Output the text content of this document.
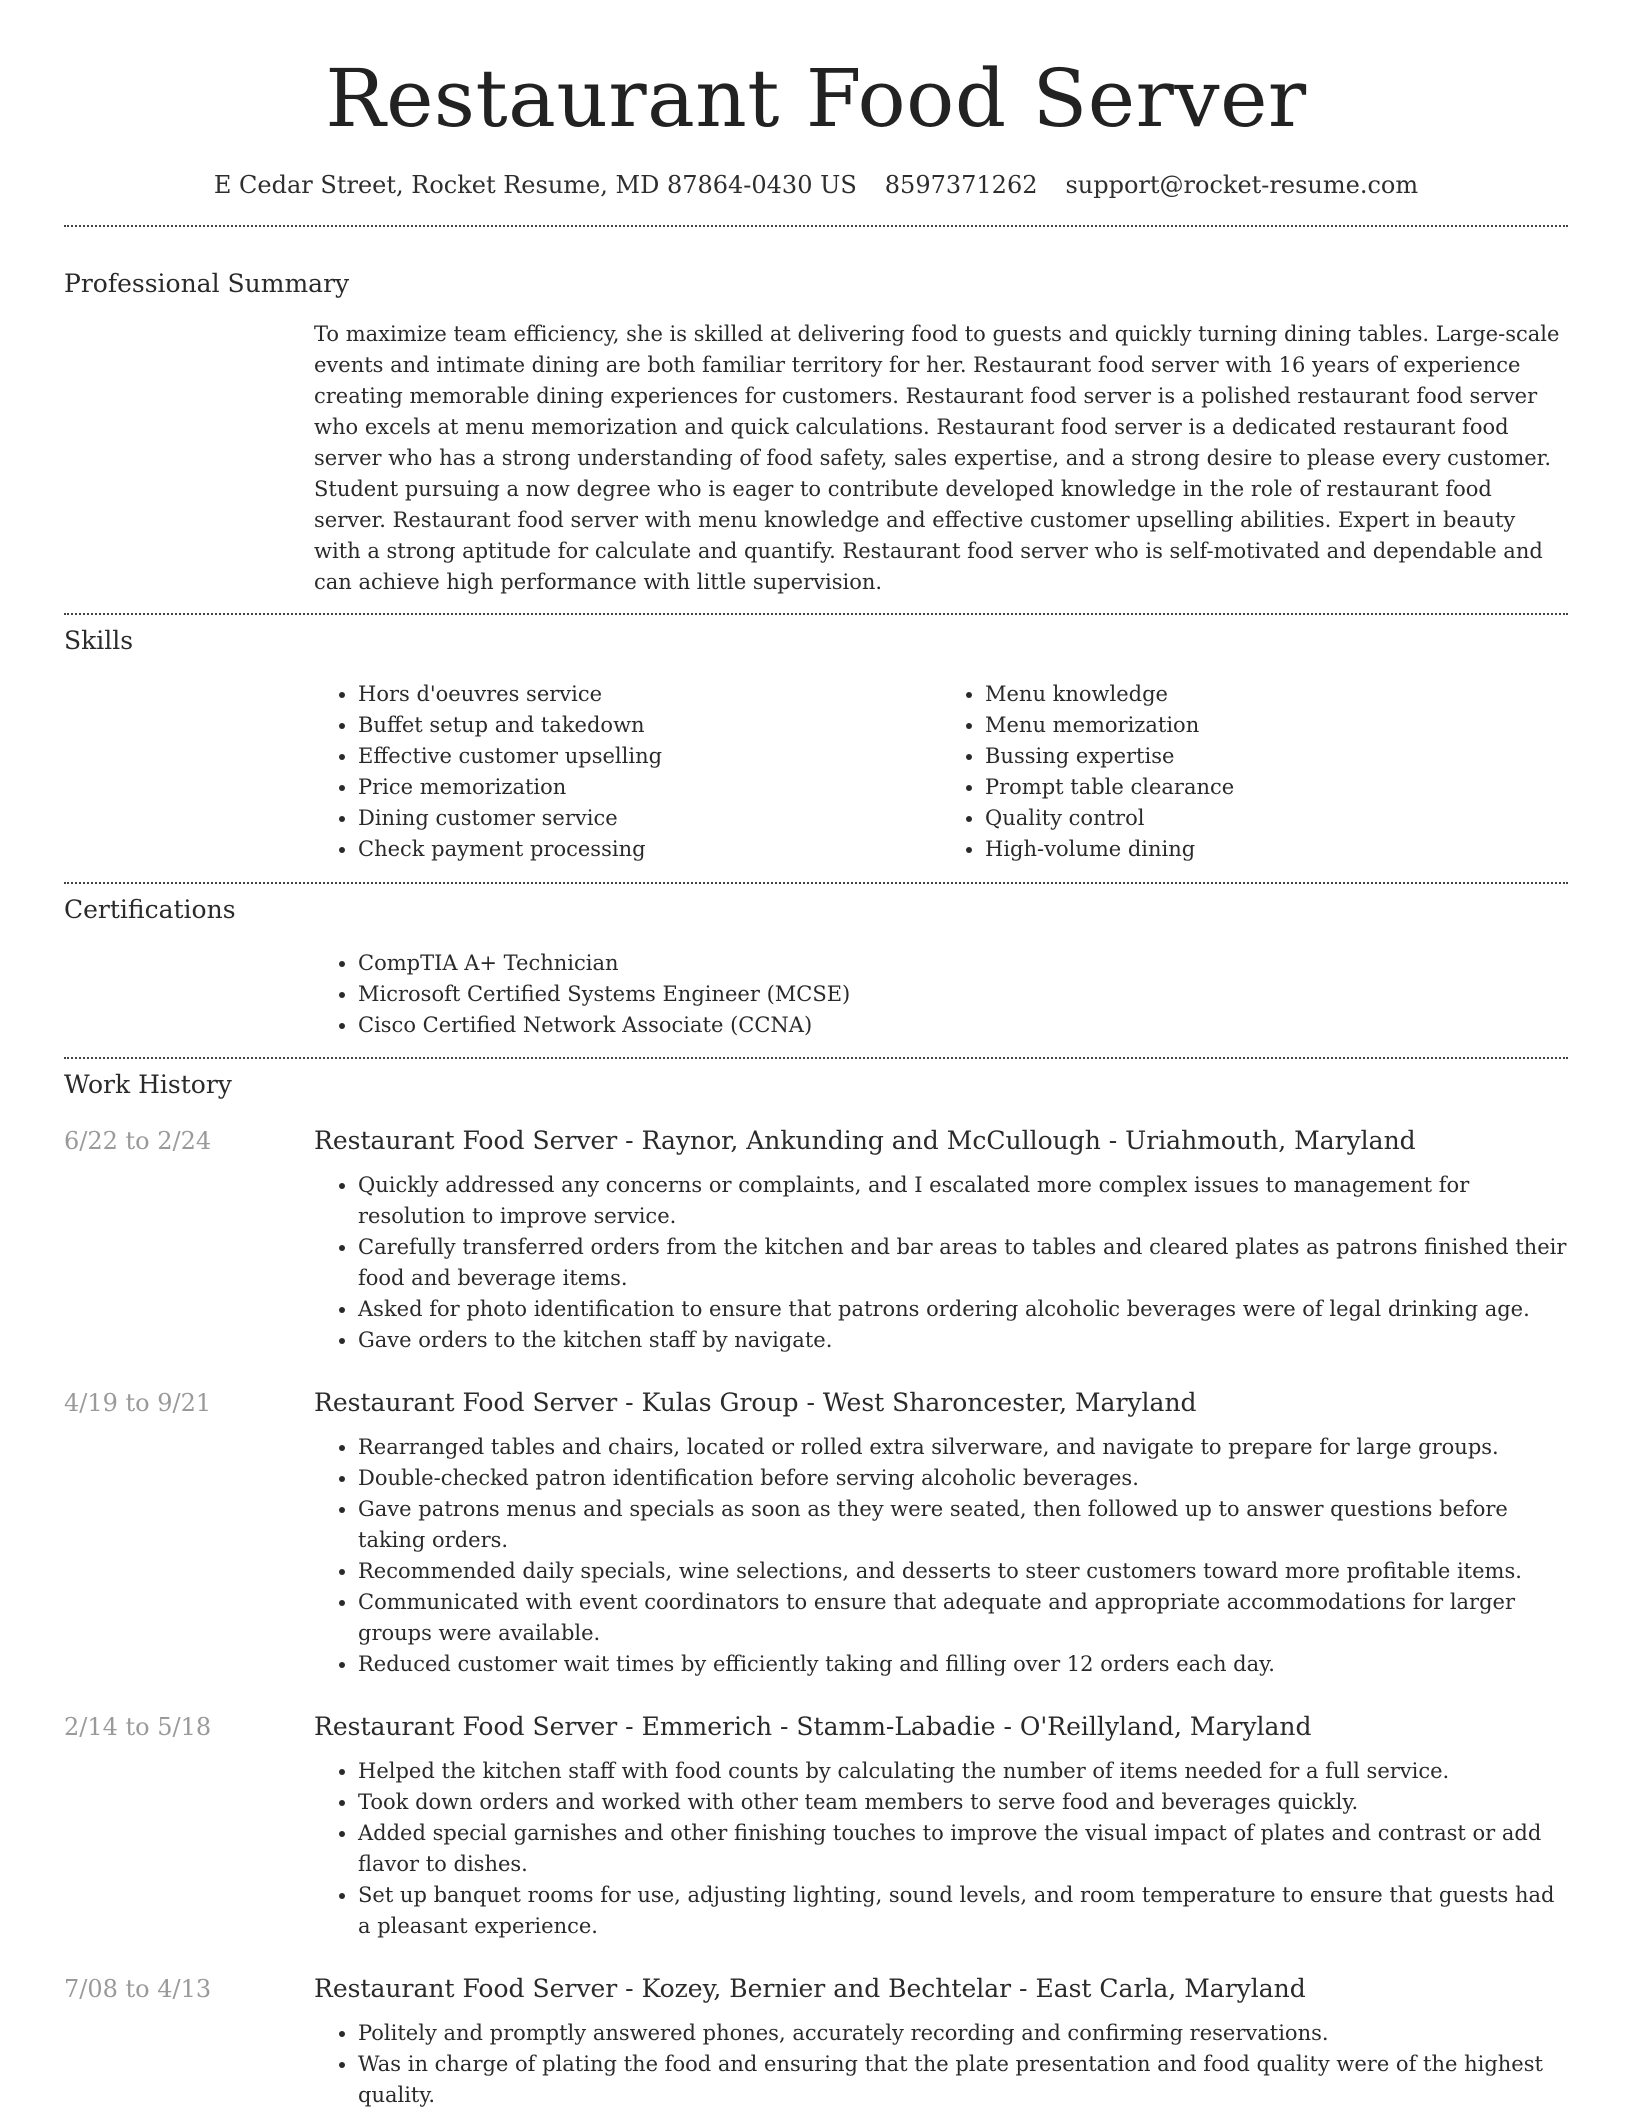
Restaurant Food Server
E Cedar Street, Rocket Resume, MD 87864-0430 US 8597371262 support@rocket-resume.com
Professional Summary

To maximize team efficiency, she is skilled at delivering food to guests and quickly turning dining tables. Large-scale events and intimate dining are both familiar territory for her. Restaurant food server with 16 years of experience creating memorable dining experiences for customers. Restaurant food server is a polished restaurant food server who excels at menu memorization and quick calculations. Restaurant food server is a dedicated restaurant food server who has a strong understanding of food safety, sales expertise, and a strong desire to please every customer. Student pursuing a now degree who is eager to contribute developed knowledge in the role of restaurant food server. Restaurant food server with menu knowledge and effective customer upselling abilities. Expert in beauty with a strong aptitude for calculate and quantify. Restaurant food server who is self-motivated and dependable and can achieve high performance with little supervision.

Skills
• Hors d'oeuvres service
• Buffet setup and takedown
• Effective customer upselling
• Price memorization
• Dining customer service
• Check payment processing
• Menu knowledge
• Menu memorization
• Bussing expertise
• Prompt table clearance
• Quality control
• High-volume dining
Certifications
• CompTIA A+ Technician
• Microsoft Certified Systems Engineer (MCSE)
• Cisco Certified Network Associate (CCNA)
Work History
6/22 to 2/24	Restaurant Food Server - Raynor, Ankunding and McCullough - Uriahmouth, Maryland
• Quickly addressed any concerns or complaints, and I escalated more complex issues to management for resolution to improve service.
• Carefully transferred orders from the kitchen and bar areas to tables and cleared plates as patrons finished their food and beverage items.
• Asked for photo identification to ensure that patrons ordering alcoholic beverages were of legal drinking age.
• Gave orders to the kitchen staff by navigate.
4/19 to 9/21	Restaurant Food Server - Kulas Group - West Sharoncester, Maryland
• Rearranged tables and chairs, located or rolled extra silverware, and navigate to prepare for large groups.
• Double-checked patron identification before serving alcoholic beverages.
• Gave patrons menus and specials as soon as they were seated, then followed up to answer questions before taking orders.
• Recommended daily specials, wine selections, and desserts to steer customers toward more profitable items.
• Communicated with event coordinators to ensure that adequate and appropriate accommodations for larger groups were available.
• Reduced customer wait times by efficiently taking and filling over 12 orders each day.
2/14 to 5/18	Restaurant Food Server - Emmerich - Stamm-Labadie - O'Reillyland, Maryland
• Helped the kitchen staff with food counts by calculating the number of items needed for a full service.
• Took down orders and worked with other team members to serve food and beverages quickly.
• Added special garnishes and other finishing touches to improve the visual impact of plates and contrast or add flavor to dishes.
• Set up banquet rooms for use, adjusting lighting, sound levels, and room temperature to ensure that guests had a pleasant experience.
7/08 to 4/13	Restaurant Food Server - Kozey, Bernier and Bechtelar - East Carla, Maryland
• Politely and promptly answered phones, accurately recording and confirming reservations.
• Was in charge of plating the food and ensuring that the plate presentation and food quality were of the highest quality.
